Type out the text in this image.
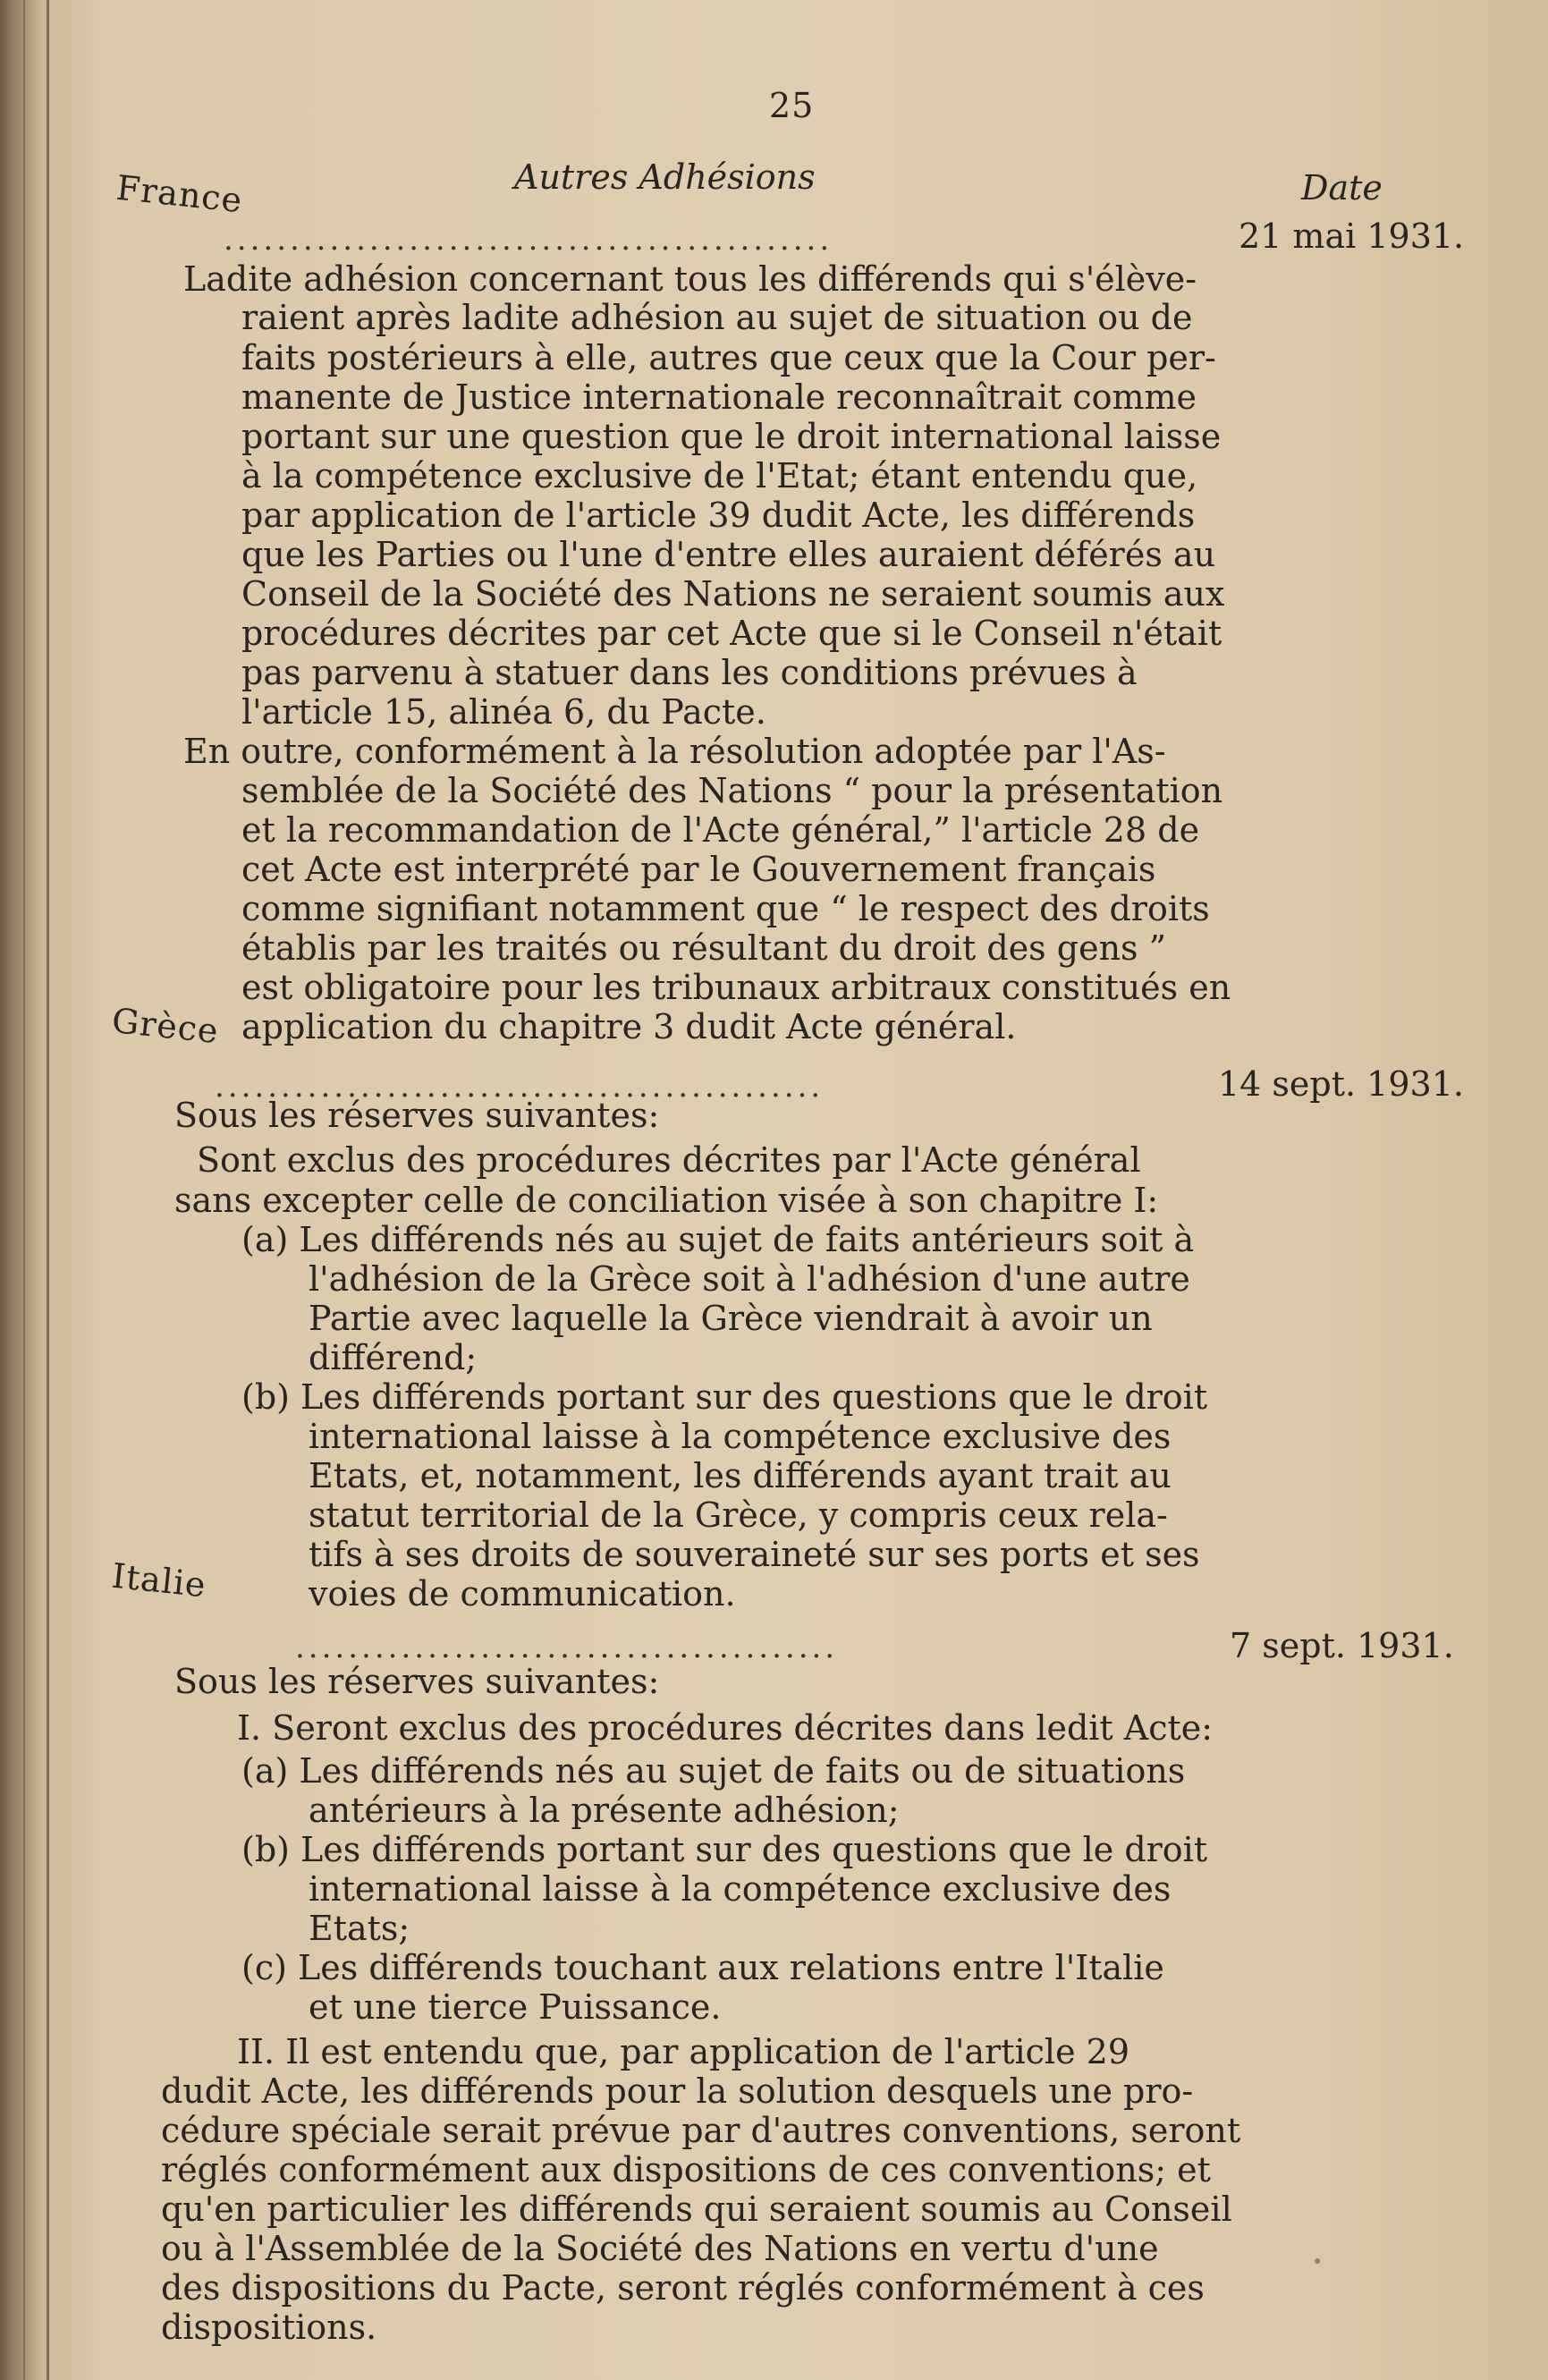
25
Autres Adhésions	Date
France
..............................................	21 mai 1931.
Ladite adhésion concernant tous les différends qui s'élève-
raient après ladite adhésion au sujet de situation ou de
faits postérieurs à elle, autres que ceux que la Cour per-
manente de Justice internationale reconnaîtrait comme
portant sur une question que le droit international laisse
à la compétence exclusive de l'Etat; étant entendu que,
par application de l'article 39 dudit Acte, les différends
que les Parties ou l'une d'entre elles auraient déférés au
Conseil de la Société des Nations ne seraient soumis aux
procédures décrites par cet Acte que si le Conseil n'était
pas parvenu à statuer dans les conditions prévues à
l'article 15, alinéa 6, du Pacte.
En outre, conformément à la résolution adoptée par l'As-
semblée de la Société des Nations “ pour la présentation
et la recommandation de l'Acte général,” l'article 28 de
cet Acte est interprété par le Gouvernement français
comme signifiant notamment que “ le respect des droits
établis par les traités ou résultant du droit des gens ”
est obligatoire pour les tribunaux arbitraux constitués en
application du chapitre 3 dudit Acte général.
Grèce
..............................................	14 sept. 1931.
Sous les réserves suivantes:
Sont exclus des procédures décrites par l'Acte général
sans excepter celle de conciliation visée à son chapitre I:
(a) Les différends nés au sujet de faits antérieurs soit à
l'adhésion de la Grèce soit à l'adhésion d'une autre
Partie avec laquelle la Grèce viendrait à avoir un
différend;
(b) Les différends portant sur des questions que le droit
international laisse à la compétence exclusive des
Etats, et, notamment, les différends ayant trait au
statut territorial de la Grèce, y compris ceux rela-
tifs à ses droits de souveraineté sur ses ports et ses
voies de communication.
Italie
.........................................	7 sept. 1931.
Sous les réserves suivantes:
I. Seront exclus des procédures décrites dans ledit Acte:
(a) Les différends nés au sujet de faits ou de situations
antérieurs à la présente adhésion;
(b) Les différends portant sur des questions que le droit
international laisse à la compétence exclusive des
Etats;
(c) Les différends touchant aux relations entre l'Italie
et une tierce Puissance.
II. Il est entendu que, par application de l'article 29
dudit Acte, les différends pour la solution desquels une pro-
cédure spéciale serait prévue par d'autres conventions, seront
réglés conformément aux dispositions de ces conventions; et
qu'en particulier les différends qui seraient soumis au Conseil
ou à l'Assemblée de la Société des Nations en vertu d'une
des dispositions du Pacte, seront réglés conformément à ces
dispositions.
